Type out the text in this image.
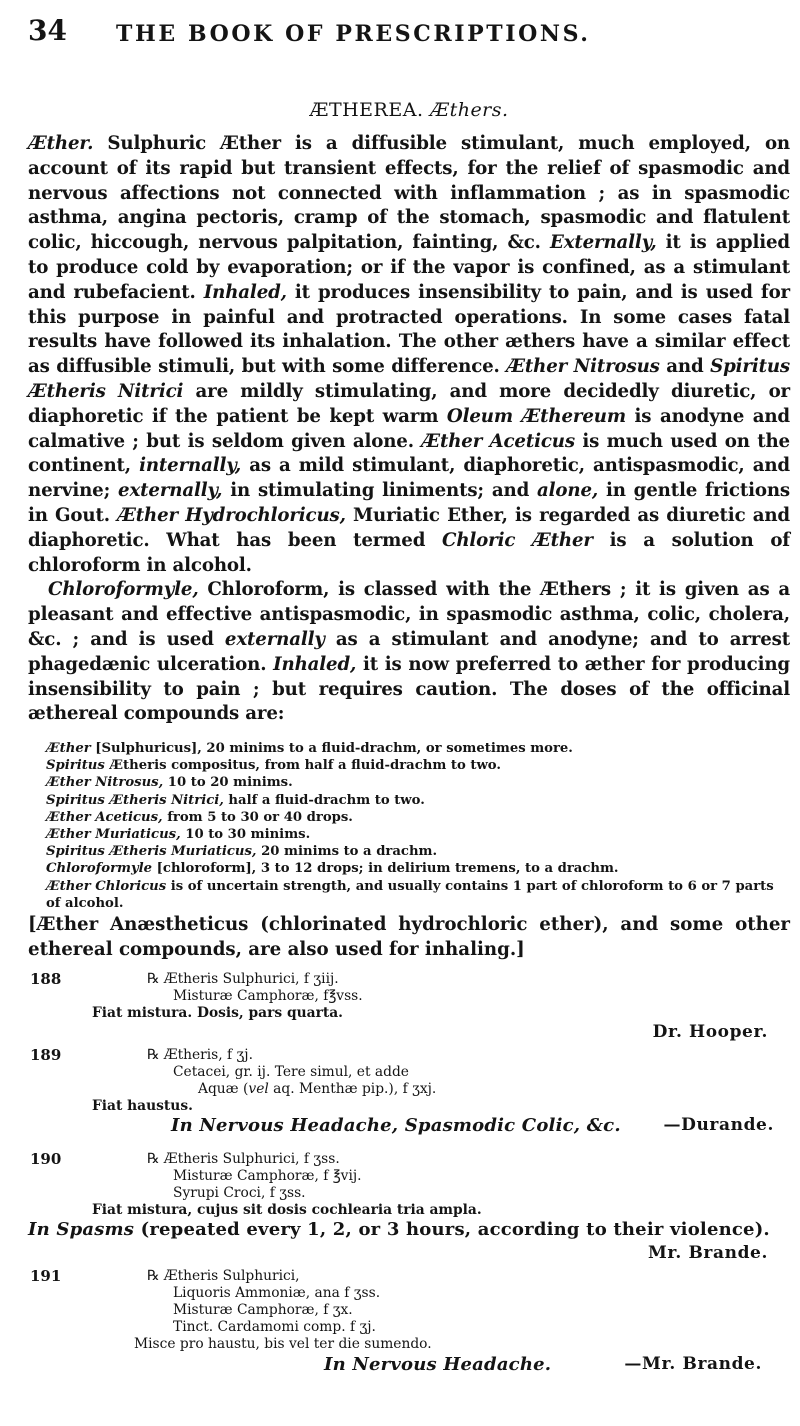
34 THE BOOK OF PRESCRIPTIONS.
ÆTHEREA. Æthers.

Æther. Sulphuric Æther is a diffusible stimulant, much employed, on account of its rapid but transient effects, for the relief of spasmodic and nervous affections not connected with inflammation ; as in spasmodic asthma, angina pectoris, cramp of the stomach, spasmodic and flatulent colic, hiccough, nervous palpitation, fainting, &c. Externally, it is applied to produce cold by evaporation; or if the vapor is confined, as a stimulant and rubefacient. Inhaled, it produces insensibility to pain, and is used for this purpose in painful and protracted operations. In some cases fatal results have followed its inhalation. The other æthers have a similar effect as diffusible stimuli, but with some difference. Æther Nitrosus and Spiritus Ætheris Nitrici are mildly stimulating, and more decidedly diuretic, or diaphoretic if the patient be kept warm Oleum Æthereum is anodyne and calmative ; but is seldom given alone. Æther Aceticus is much used on the continent, internally, as a mild stimulant, diaphoretic, antispasmodic, and nervine; externally, in stimulating liniments; and alone, in gentle frictions in Gout. Æther Hydrochloricus, Muriatic Ether, is regarded as diuretic and diaphoretic. What has been termed Chloric Æther is a solution of chloroform in alcohol.

Chloroformyle, Chloroform, is classed with the Æthers ; it is given as a pleasant and effective antispasmodic, in spasmodic asthma, colic, cholera, &c. ; and is used externally as a stimulant and anodyne; and to arrest phagedænic ulceration. Inhaled, it is now preferred to æther for producing insensibility to pain ; but requires caution. The doses of the officinal æthereal compounds are:

Æther [Sulphuricus], 20 minims to a fluid-drachm, or sometimes more.
Spiritus Ætheris compositus, from half a fluid-drachm to two.
Æther Nitrosus, 10 to 20 minims.
Spiritus Ætheris Nitrici, half a fluid-drachm to two.
Æther Aceticus, from 5 to 30 or 40 drops.
Æther Muriaticus, 10 to 30 minims.
Spiritus Ætheris Muriaticus, 20 minims to a drachm.
Chloroformyle [chloroform], 3 to 12 drops; in delirium tremens, to a drachm.
Æther Chloricus is of uncertain strength, and usually contains 1 part of chloroform to 6 or 7 parts of alcohol.
[Æther Anæstheticus (chlorinated hydrochloric ether), and some other ethereal compounds, are also used for inhaling.]
188	℞ Ætheris Sulphurici, f ʒiij.
Misturæ Camphoræ, f℥vss.
Fiat mistura. Dosis, pars quarta.
Dr. Hooper.
189	℞ Ætheris, f ʒj.
Cetacei, gr. ij. Tere simul, et adde
Aquæ (vel aq. Menthæ pip.), f ʒxj.
Fiat haustus.
In Nervous Headache, Spasmodic Colic, &c.	—Durande.
190	℞ Ætheris Sulphurici, f ʒss.
Misturæ Camphoræ, f ℥vij.
Syrupi Croci, f ʒss.
Fiat mistura, cujus sit dosis cochlearia tria ampla.
In Spasms (repeated every 1, 2, or 3 hours, according to their violence).
Mr. Brande.
191	℞ Ætheris Sulphurici,
Liquoris Ammoniæ, ana f ʒss.
Misturæ Camphoræ, f ʒx.
Tinct. Cardamomi comp. f ʒj.
Misce pro haustu, bis vel ter die sumendo.
In Nervous Headache.	—Mr. Brande.
